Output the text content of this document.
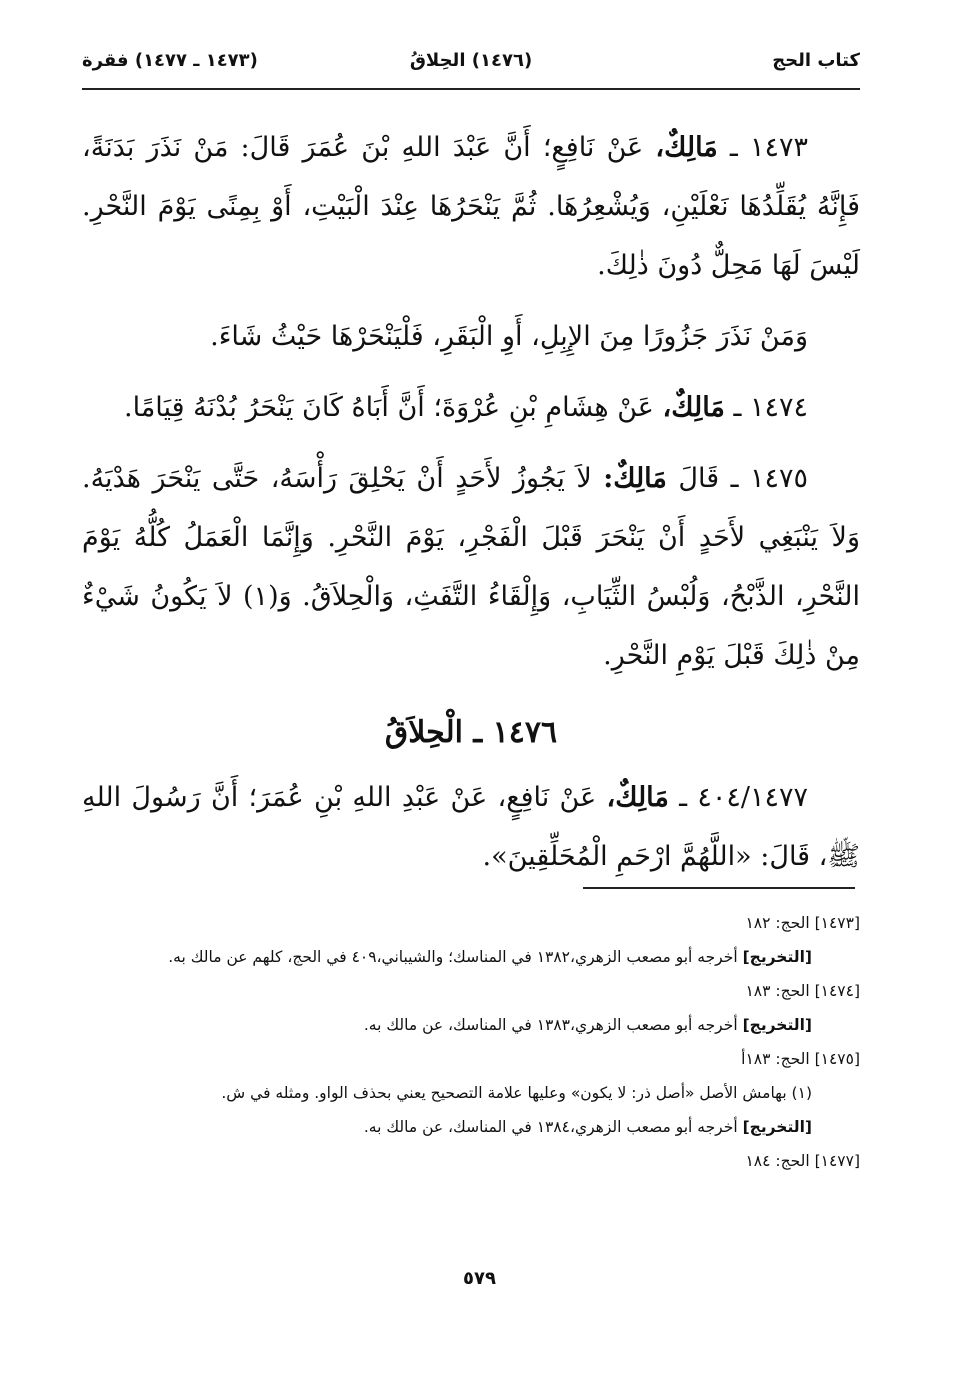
كتاب الحج
(١٤٧٦) الحِلاقُ
(١٤٧٣ ـ ١٤٧٧) فقرة

١٤٧٣ ـ مَالِكٌ، عَنْ نَافِعٍ؛ أَنَّ عَبْدَ اللهِ بْنَ عُمَرَ قَالَ: مَنْ نَذَرَ بَدَنَةً، فَإِنَّهُ يُقَلِّدُهَا نَعْلَيْنِ، وَيُشْعِرُهَا. ثُمَّ يَنْحَرُهَا عِنْدَ الْبَيْتِ، أَوْ بِمِنًى يَوْمَ النَّحْرِ. لَيْسَ لَهَا مَحِلٌّ دُونَ ذٰلِكَ.

وَمَنْ نَذَرَ جَزُورًا مِنَ الإِبِلِ، أَوِ الْبَقَرِ، فَلْيَنْحَرْهَا حَيْثُ شَاءَ.

١٤٧٤ ـ مَالِكٌ، عَنْ هِشَامِ بْنِ عُرْوَةَ؛ أَنَّ أَبَاهُ كَانَ يَنْحَرُ بُدْنَهُ قِيَامًا.

١٤٧٥ ـ قَالَ مَالِكٌ: لاَ يَجُوزُ لأَحَدٍ أَنْ يَحْلِقَ رَأْسَهُ، حَتَّى يَنْحَرَ هَدْيَهُ. وَلاَ يَنْبَغِي لأَحَدٍ أَنْ يَنْحَرَ قَبْلَ الْفَجْرِ، يَوْمَ النَّحْرِ. وَإِنَّمَا الْعَمَلُ كُلُّهُ يَوْمَ النَّحْرِ، الذَّبْحُ، وَلُبْسُ الثِّيَابِ، وَإِلْقَاءُ التَّفَثِ، وَالْحِلاَقُ. وَ(١) لاَ يَكُونُ شَيْءٌ مِنْ ذٰلِكَ قَبْلَ يَوْمِ النَّحْرِ.

١٤٧٦ ـ الْحِلاَقُ

٤٠٤/١٤٧٧ ـ مَالِكٌ، عَنْ نَافِعٍ، عَنْ عَبْدِ اللهِ بْنِ عُمَرَ؛ أَنَّ رَسُولَ اللهِ ﷺ، قَالَ: «اللَّهُمَّ ارْحَمِ الْمُحَلِّقِينَ».

[١٤٧٣] الحج: ١٨٢

[التخريج] أخرجه أبو مصعب الزهري،١٣٨٢ في المناسك؛ والشيباني،٤٠٩ في الحج، كلهم عن مالك به.

[١٤٧٤] الحج: ١٨٣

[التخريج] أخرجه أبو مصعب الزهري،١٣٨٣ في المناسك، عن مالك به.

[١٤٧٥] الحج: ١٨٣أ

(١) بهامش الأصل «أصل ذر: لا يكون» وعليها علامة التصحيح يعني بحذف الواو. ومثله في ش.

[التخريج] أخرجه أبو مصعب الزهري،١٣٨٤ في المناسك، عن مالك به.

[١٤٧٧] الحج: ١٨٤

٥٧٩
